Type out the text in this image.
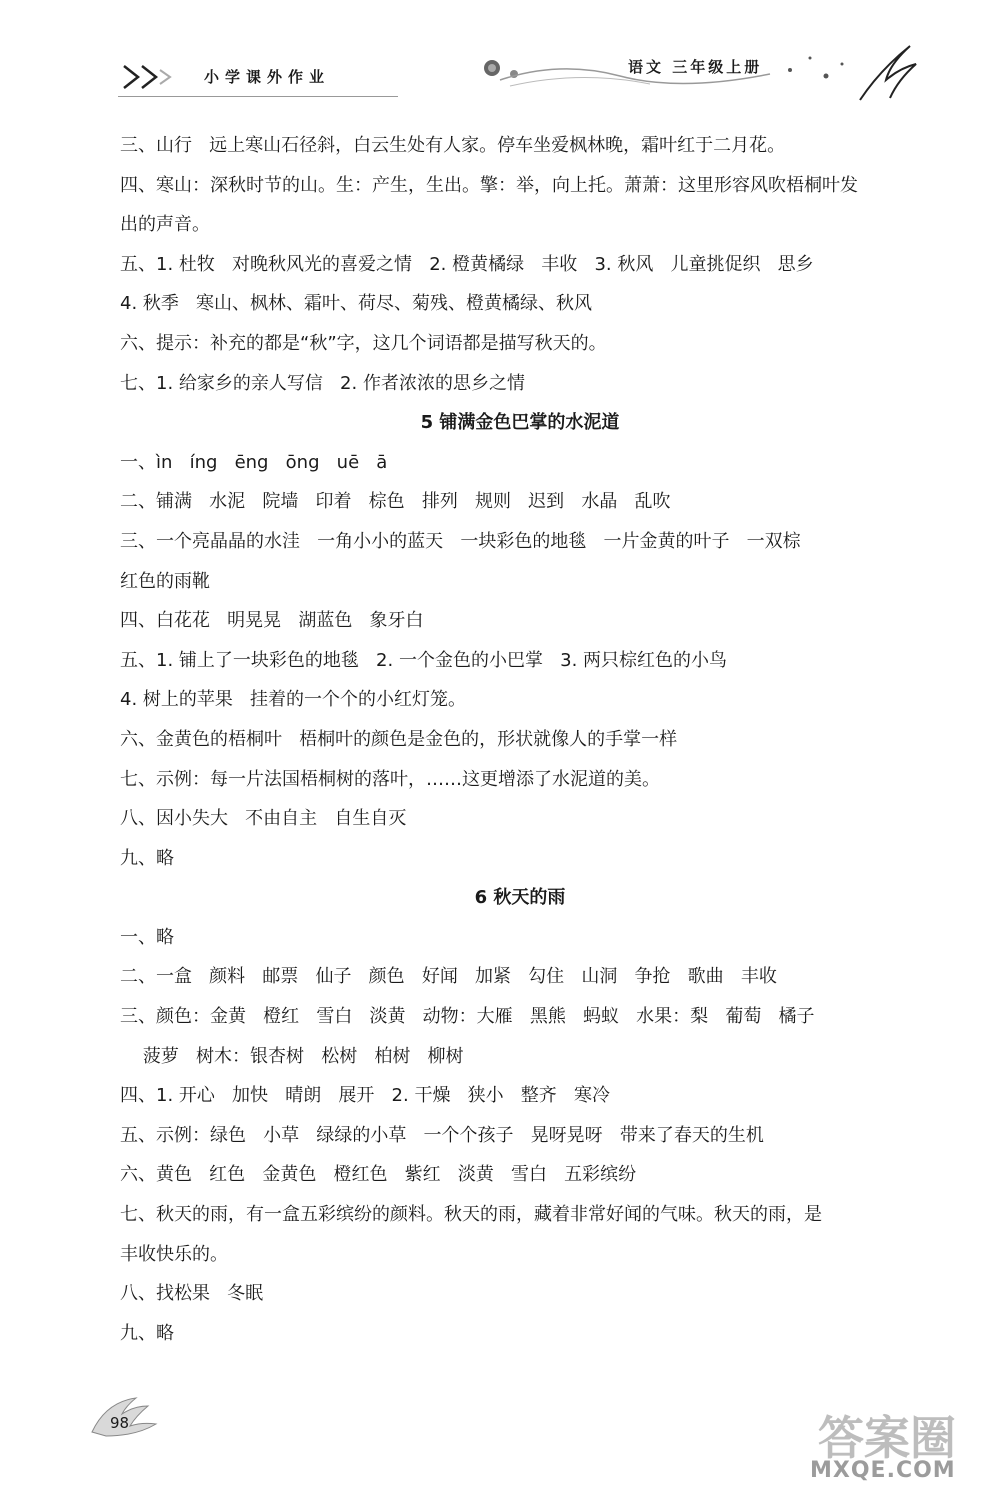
小学课外作业
语文 三年级上册
三、山行   远上寒山石径斜，白云生处有人家。停车坐爱枫林晚，霜叶红于二月花。
四、寒山：深秋时节的山。生：产生，生出。擎：举，向上托。萧萧：这里形容风吹梧桐叶发
出的声音。
五、1. 杜牧   对晚秋风光的喜爱之情   2. 橙黄橘绿   丰收   3. 秋风   儿童挑促织   思乡
4. 秋季   寒山、枫林、霜叶、荷尽、菊残、橙黄橘绿、秋风
六、提示：补充的都是“秋”字，这几个词语都是描写秋天的。
七、1. 给家乡的亲人写信   2. 作者浓浓的思乡之情
5 铺满金色巴掌的水泥道
一、ìn   íng   ēng   ōng   uē   ā
二、铺满   水泥   院墙   印着   棕色   排列   规则   迟到   水晶   乱吹
三、一个亮晶晶的水洼   一角小小的蓝天   一块彩色的地毯   一片金黄的叶子   一双棕
红色的雨靴
四、白花花   明晃晃   湖蓝色   象牙白
五、1. 铺上了一块彩色的地毯   2. 一个金色的小巴掌   3. 两只棕红色的小鸟
4. 树上的苹果   挂着的一个个的小红灯笼。
六、金黄色的梧桐叶   梧桐叶的颜色是金色的，形状就像人的手掌一样
七、示例：每一片法国梧桐树的落叶，……这更增添了水泥道的美。
八、因小失大   不由自主   自生自灭
九、略
6 秋天的雨
一、略
二、一盒   颜料   邮票   仙子   颜色   好闻   加紧   勾住   山洞   争抢   歌曲   丰收
三、颜色：金黄   橙红   雪白   淡黄   动物：大雁   黑熊   蚂蚁   水果：梨   葡萄   橘子
菠萝   树木：银杏树   松树   柏树   柳树
四、1. 开心   加快   晴朗   展开   2. 干燥   狭小   整齐   寒冷
五、示例：绿色   小草   绿绿的小草   一个个孩子   晃呀晃呀   带来了春天的生机
六、黄色   红色   金黄色   橙红色   紫红   淡黄   雪白   五彩缤纷
七、秋天的雨，有一盒五彩缤纷的颜料。秋天的雨，藏着非常好闻的气味。秋天的雨，是
丰收快乐的。
八、找松果   冬眠
九、略
98	答案圈
MXQE.COM
